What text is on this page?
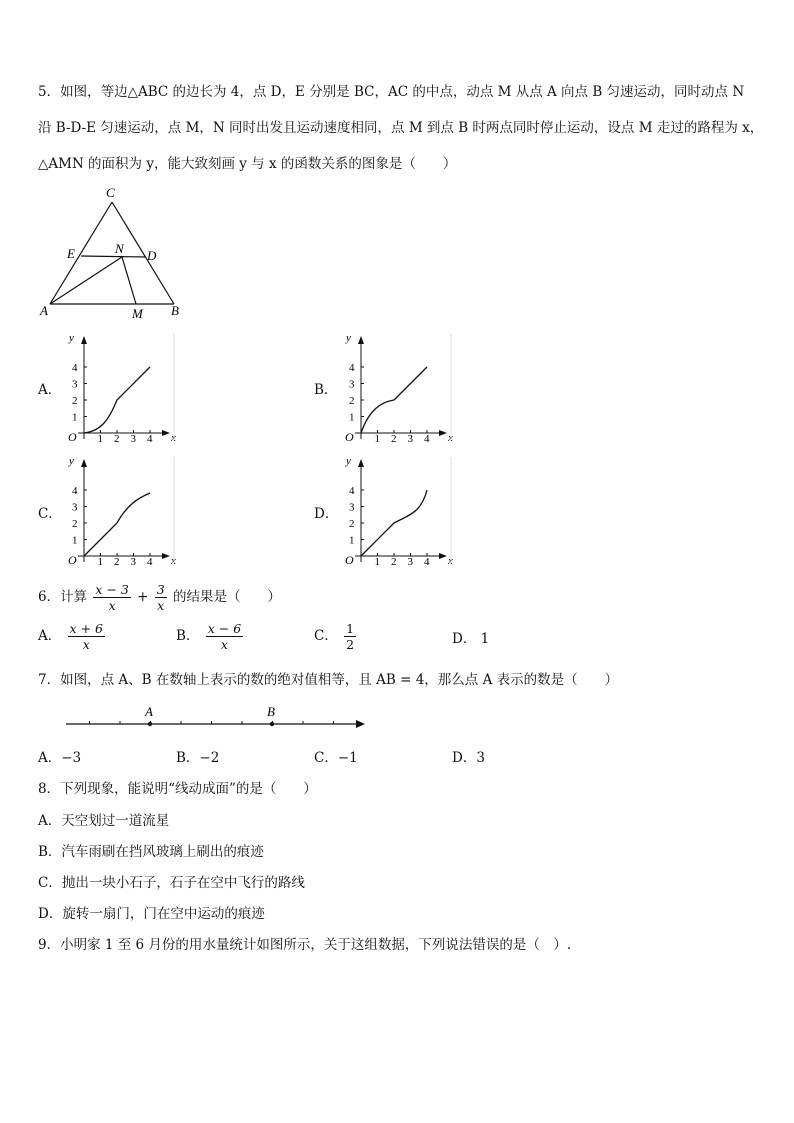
5．如图，等边△ABC 的边长为 4，点 D，E 分别是 BC，AC 的中点，动点 M 从点 A 向点 B 匀速运动，同时动点 N
沿 B-D-E 匀速运动，点 M，N 同时出发且运动速度相同，点 M 到点 B 时两点同时停止运动，设点 M 走过的路程为 x，
△AMN 的面积为 y，能大致刻画 y 与 x 的函数关系的图象是（　　）
C
E	N D
A	M B
A．	B．
C．	D．
y
x
O 1 2 3 4
1
2
3
4
y
x
O 1 2 3 4
1
2
3
4
y
x
O 1 2 3 4
1
2
3
4
y
x
O 1 2 3 4
1
2
3
4
6．计算 $\frac{x - 3}{x} + \frac{3}{x}$ 的结果是（　　）
A． $\frac{x + 6}{x}$	B． $\frac{x - 6}{x}$	C． $\frac{1}{2}$	D． 1
7．如图，点 A、B 在数轴上表示的数的绝对值相等，且 AB = 4，那么点 A 表示的数是（　　）
A	B
A．−3	B．−2	C．−1	D．3
8．下列现象，能说明“线动成面”的是（　　）
A．天空划过一道流星
B．汽车雨刷在挡风玻璃上刷出的痕迹
C．抛出一块小石子，石子在空中飞行的路线
D．旋转一扇门，门在空中运动的痕迹
9．小明家 1 至 6 月份的用水量统计如图所示，关于这组数据，下列说法错误的是（　）.
